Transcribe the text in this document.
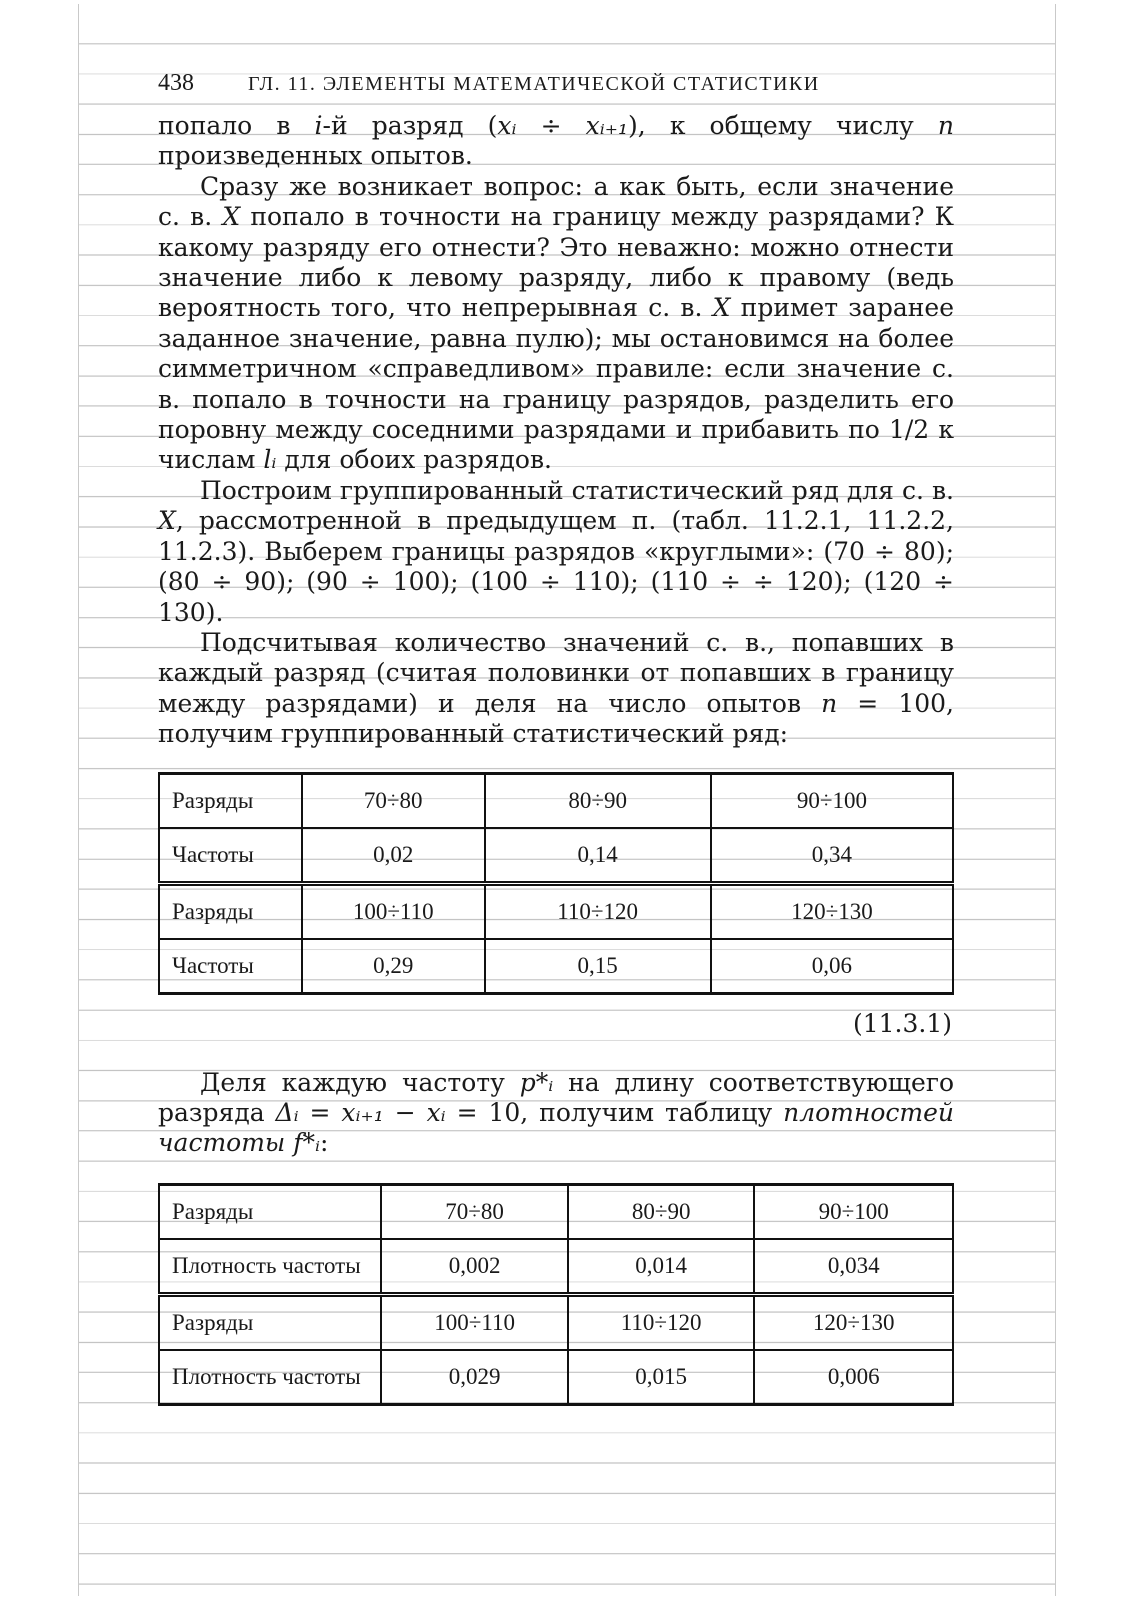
438	ГЛ. 11. ЭЛЕМЕНТЫ МАТЕМАТИЧЕСКОЙ СТАТИСТИКИ

попало в i-й разряд (xᵢ ÷ xᵢ₊₁), к общему числу n произведенных опытов.

Сразу же возникает вопрос: а как быть, если значение с. в. X попало в точности на границу между разрядами? К какому разряду его отнести? Это неважно: можно отнести значение либо к левому разряду, либо к правому (ведь вероятность того, что непрерывная с. в. X примет заранее заданное значение, равна пулю); мы остановимся на более симметричном «справедливом» правиле: если значение с. в. попало в точности на границу разрядов, разделить его поровну между соседними разрядами и прибавить по 1/2 к числам lᵢ для обоих разрядов.

Построим группированный статистический ряд для с. в. X, рассмотренной в предыдущем п. (табл. 11.2.1, 11.2.2, 11.2.3). Выберем границы разрядов «круглыми»: (70 ÷ 80); (80 ÷ 90); (90 ÷ 100); (100 ÷ 110); (110 ÷ ÷ 120); (120 ÷ 130).

Подсчитывая количество значений с. в., попавших в каждый разряд (считая половинки от попавших в границу между разрядами) и деля на число опытов n = 100, получим группированный статистический ряд:

Разряды	70÷80	80÷90	90÷100
Частоты	0,02	0,14	0,34
Разряды	100÷110	110÷120	120÷130
Частоты	0,29	0,15	0,06
(11.3.1)

Деля каждую частоту p*ᵢ на длину соответствующего разряда Δᵢ = xᵢ₊₁ − xᵢ = 10, получим таблицу плотностей частоты f*ᵢ:

Разряды	70÷80	80÷90	90÷100
Плотность частоты	0,002	0,014	0,034
Разряды	100÷110	110÷120	120÷130
Плотность частоты	0,029	0,015	0,006
